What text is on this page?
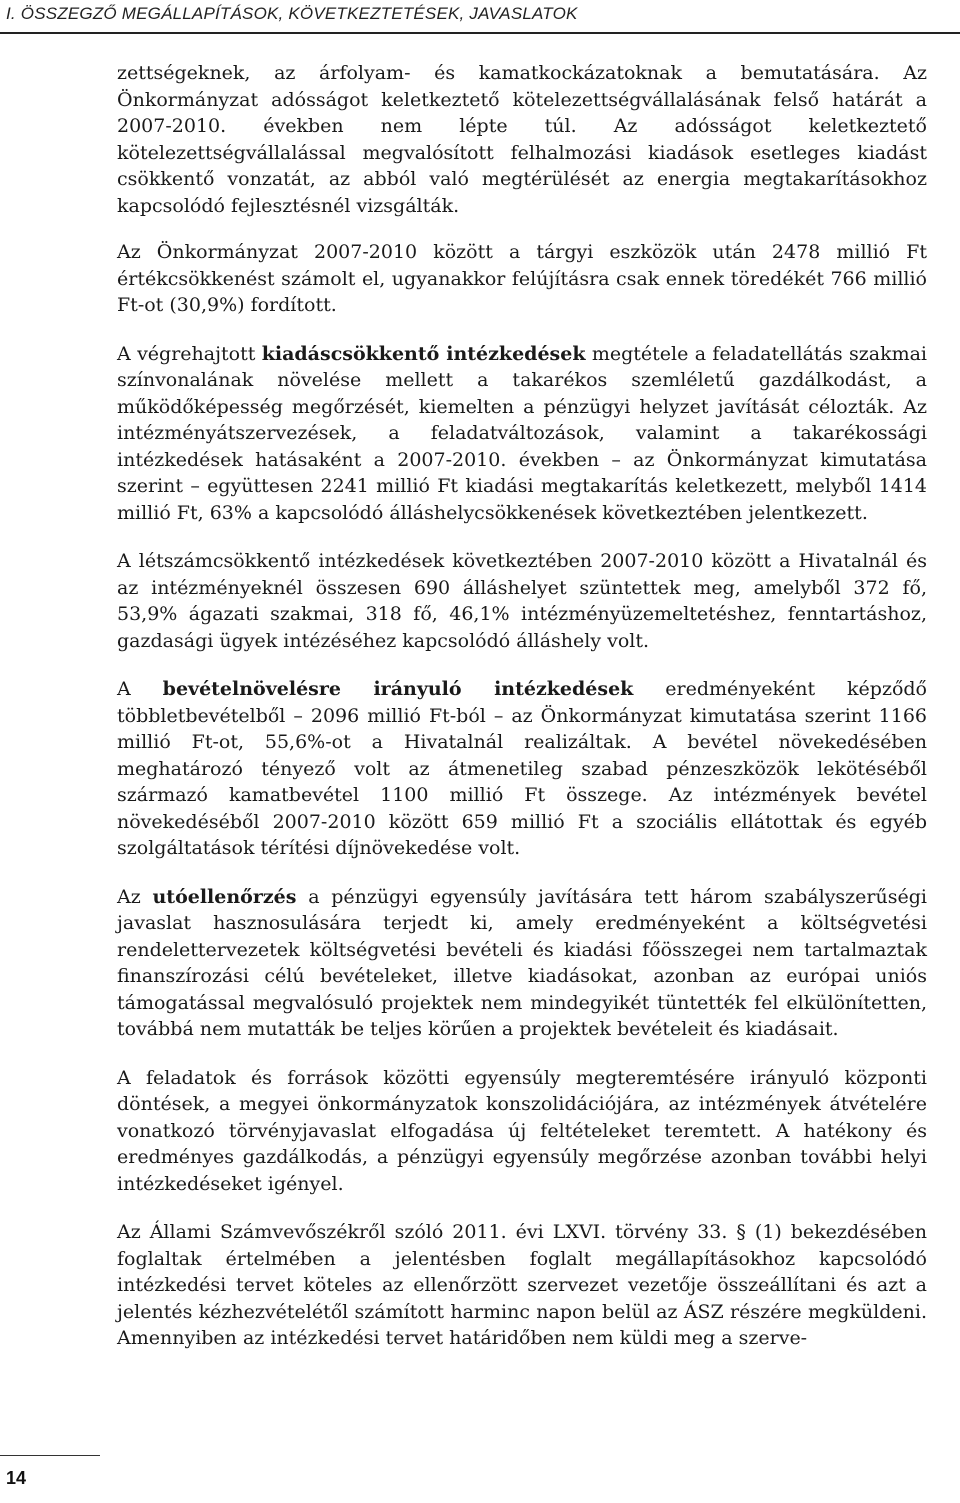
I. ÖSSZEGZŐ MEGÁLLAPÍTÁSOK, KÖVETKEZTETÉSEK, JAVASLATOK

zettségeknek, az árfolyam- és kamatkockázatoknak a bemutatására. Az Önkormányzat adósságot keletkeztető kötelezettségvállalásának felső határát a 2007-2010. években nem lépte túl. Az adósságot keletkeztető kötelezettségvállalással megvalósított felhalmozási kiadások esetleges kiadást csökkentő vonzatát, az abból való megtérülését az energia megtakarításokhoz kapcsolódó fejlesztésnél vizsgálták.

Az Önkormányzat 2007-2010 között a tárgyi eszközök után 2478 millió Ft értékcsökkenést számolt el, ugyanakkor felújításra csak ennek töredékét 766 millió Ft-ot (30,9%) fordított.

A végrehajtott kiadáscsökkentő intézkedések megtétele a feladatellátás szakmai színvonalának növelése mellett a takarékos szemléletű gazdálkodást, a működőképesség megőrzését, kiemelten a pénzügyi helyzet javítását célozták. Az intézményátszervezések, a feladatváltozások, valamint a takarékossági intézkedések hatásaként a 2007-2010. években – az Önkormányzat kimutatása szerint – együttesen 2241 millió Ft kiadási megtakarítás keletkezett, melyből 1414 millió Ft, 63% a kapcsolódó álláshelycsökkenések következtében jelentkezett.

A létszámcsökkentő intézkedések következtében 2007-2010 között a Hivatalnál és az intézményeknél összesen 690 álláshelyet szüntettek meg, amelyből 372 fő, 53,9% ágazati szakmai, 318 fő, 46,1% intézményüzemeltetéshez, fenntartáshoz, gazdasági ügyek intézéséhez kapcsolódó álláshely volt.

A bevételnövelésre irányuló intézkedések eredményeként képződő többletbevételből – 2096 millió Ft-ból – az Önkormányzat kimutatása szerint 1166 millió Ft-ot, 55,6%-ot a Hivatalnál realizáltak. A bevétel növekedésében meghatározó tényező volt az átmenetileg szabad pénzeszközök lekötéséből származó kamatbevétel 1100 millió Ft összege. Az intézmények bevétel növekedéséből 2007-2010 között 659 millió Ft a szociális ellátottak és egyéb szolgáltatások térítési díjnövekedése volt.

Az utóellenőrzés a pénzügyi egyensúly javítására tett három szabályszerűségi javaslat hasznosulására terjedt ki, amely eredményeként a költségvetési rendelettervezetek költségvetési bevételi és kiadási főösszegei nem tartalmaztak finanszírozási célú bevételeket, illetve kiadásokat, azonban az európai uniós támogatással megvalósuló projektek nem mindegyikét tüntették fel elkülönítetten, továbbá nem mutatták be teljes körűen a projektek bevételeit és kiadásait.

A feladatok és források közötti egyensúly megteremtésére irányuló központi döntések, a megyei önkormányzatok konszolidációjára, az intézmények átvételére vonatkozó törvényjavaslat elfogadása új feltételeket teremtett. A hatékony és eredményes gazdálkodás, a pénzügyi egyensúly megőrzése azonban további helyi intézkedéseket igényel.

Az Állami Számvevőszékről szóló 2011. évi LXVI. törvény 33. § (1) bekezdésében foglaltak értelmében a jelentésben foglalt megállapításokhoz kapcsolódó intézkedési tervet köteles az ellenőrzött szervezet vezetője összeállítani és azt a jelentés kézhezvételétől számított harminc napon belül az ÁSZ részére megküldeni. Amennyiben az intézkedési tervet határidőben nem küldi meg a szerve-

14
